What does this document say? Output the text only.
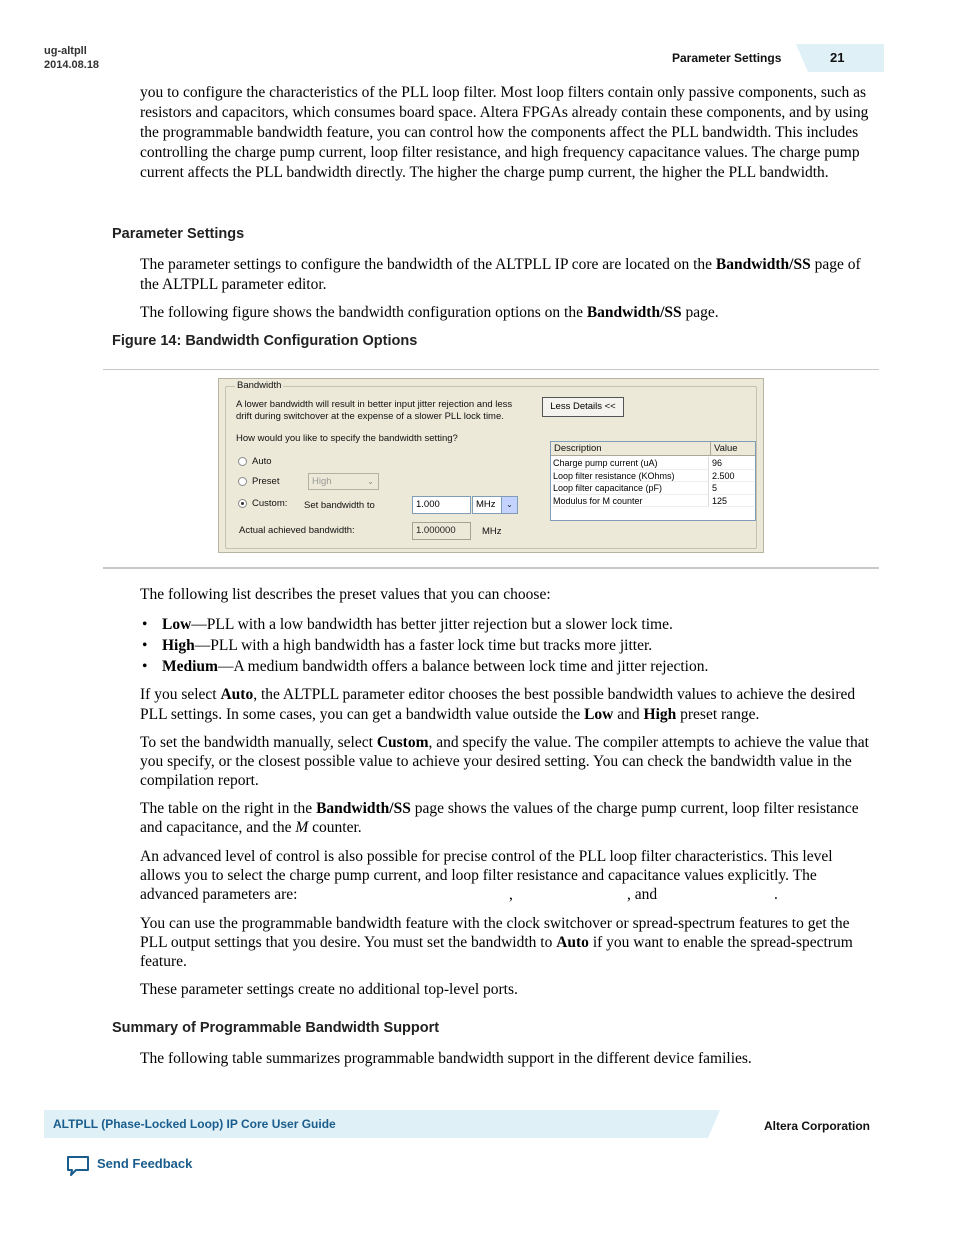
ug-altpll
2014.08.18	Parameter Settings	21
you to configure the characteristics of the PLL loop filter. Most loop filters contain only passive components, such as resistors and capacitors, which consumes board space. Altera FPGAs already contain these components, and by using the programmable bandwidth feature, you can control how the components affect the PLL bandwidth. This includes controlling the charge pump current, loop filter resistance, and high frequency capacitance values. The charge pump current affects the PLL bandwidth directly. The higher the charge pump current, the higher the PLL bandwidth.
Parameter Settings
The parameter settings to configure the bandwidth of the ALTPLL IP core are located on the Bandwidth/SS page of the ALTPLL parameter editor.
The following figure shows the bandwidth configuration options on the Bandwidth/SS page.
Figure 14: Bandwidth Configuration Options
Bandwidth
A lower bandwidth will result in better input jitter rejection and less
drift during switchover at the expense of a slower PLL lock time.
Less Details <<
How would you like to specify the bandwidth setting?
Auto
Preset	High	⌄
Custom: Set bandwidth to	1.000	MHz	⌄
Actual achieved bandwidth:	1.000000	MHz
Description	Value
Charge pump current (uA)	96
Loop filter resistance (KOhms)	2.500
Loop filter capacitance (pF)	5
Modulus for M counter	125
The following list describes the preset values that you can choose:
• Low—PLL with a low bandwidth has better jitter rejection but a slower lock time.
• High—PLL with a high bandwidth has a faster lock time but tracks more jitter.
• Medium—A medium bandwidth offers a balance between lock time and jitter rejection.
If you select Auto, the ALTPLL parameter editor chooses the best possible bandwidth values to achieve the desired PLL settings. In some cases, you can get a bandwidth value outside the Low and High preset range.
To set the bandwidth manually, select Custom, and specify the value. The compiler attempts to achieve the value that you specify, or the closest possible value to achieve your desired setting. You can check the bandwidth value in the compilation report.
The table on the right in the Bandwidth/SS page shows the values of the charge pump current, loop filter resistance and capacitance, and the M counter.
An advanced level of control is also possible for precise control of the PLL loop filter characteristics. This level allows you to select the charge pump current, and loop filter resistance and capacitance values explicitly. The advanced parameters are:	,	, and	.
You can use the programmable bandwidth feature with the clock switchover or spread-spectrum features to get the PLL output settings that you desire. You must set the bandwidth to Auto if you want to enable the spread-spectrum feature.
These parameter settings create no additional top-level ports.
Summary of Programmable Bandwidth Support
The following table summarizes programmable bandwidth support in the different device families.
ALTPLL (Phase-Locked Loop) IP Core User Guide	Altera Corporation
Send Feedback
